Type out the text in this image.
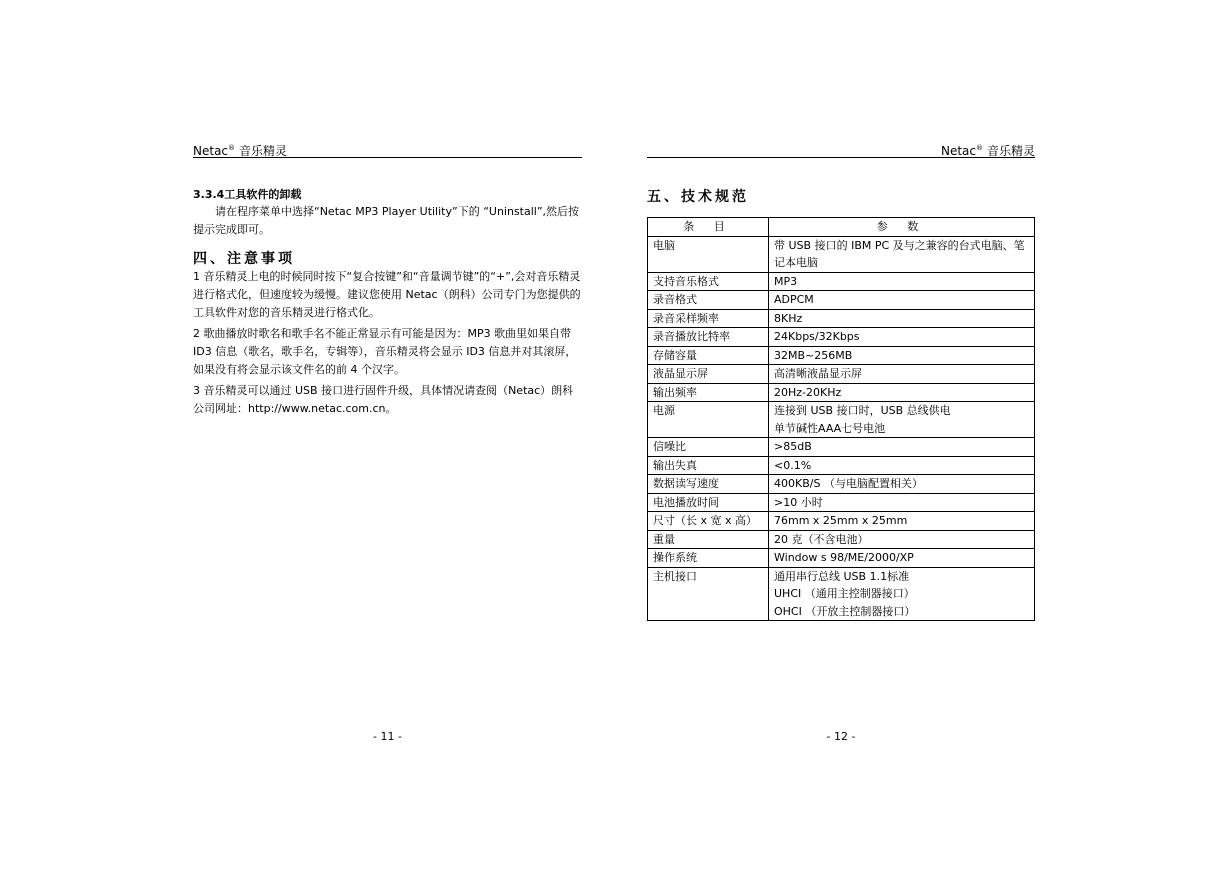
Netac® 音乐精灵
3.3.4工具软件的卸载

请在程序菜单中选择“Netac MP3 Player Utility”下的 “Uninstall”,然后按提示完成即可。

四、注意事项

1 音乐精灵上电的时候同时按下“复合按键”和“音量调节键”的“+”,会对音乐精灵进行格式化，但速度较为缓慢。建议您使用 Netac（朗科）公司专门为您提供的工具软件对您的音乐精灵进行格式化。

2 歌曲播放时歌名和歌手名不能正常显示有可能是因为：MP3 歌曲里如果自带 ID3 信息（歌名，歌手名，专辑等），音乐精灵将会显示 ID3 信息并对其滚屏，如果没有将会显示该文件名的前 4 个汉字。

3 音乐精灵可以通过 USB 接口进行固件升级，具体情况请查阅（Netac）朗科公司网址：http://www.netac.com.cn。

- 11 -
Netac® 音乐精灵
五、技术规范
条 目	参 数
电脑	带 USB 接口的 IBM PC 及与之兼容的台式电脑、笔记本电脑

支持音乐格式	MP3

录音格式	ADPCM

录音采样频率	8KHz

录音播放比特率	24Kbps/32Kbps

存储容量	32MB~256MB

液晶显示屏	高清晰液晶显示屏

输出频率	20Hz-20KHz

电源	连接到 USB 接口时，USB 总线供电
单节碱性AAA七号电池

信噪比	>85dB

输出失真	<0.1%

数据读写速度	400KB/S （与电脑配置相关）

电池播放时间	>10 小时

尺寸（长 x 宽 x 高）	76mm x 25mm x 25mm

重量	20 克（不含电池）

操作系统	Window s 98/ME/2000/XP

主机接口	通用串行总线 USB 1.1标准
UHCI （通用主控制器接口）
OHCI （开放主控制器接口）
- 12 -
